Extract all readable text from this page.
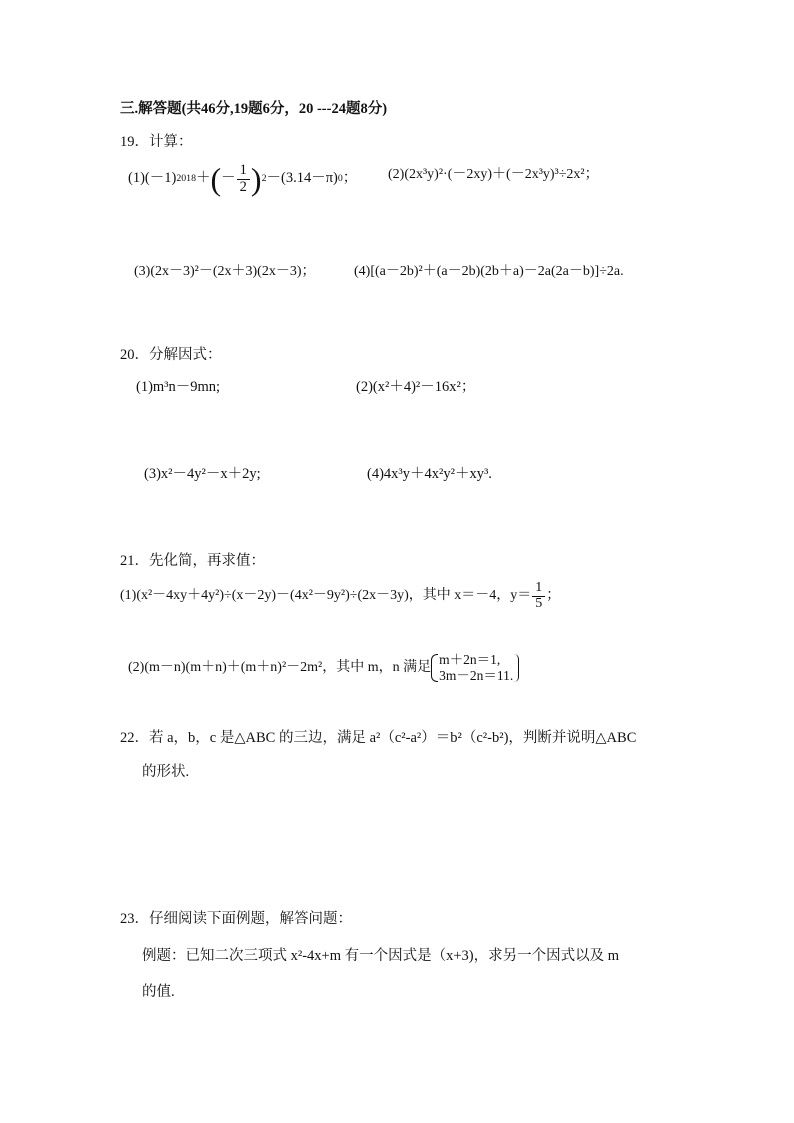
三.解答题(共46分,19题6分，20 ---24题8分)
19．计算：
(1)(－1) 2018 ＋ ( － $\frac{1}{2}$ ) 2 －(3.14－π) 0 ； (2)(2x³y)²·(－2xy)＋(－2x³y)³÷2x²；
(3)(2x－3)²－(2x＋3)(2x－3)；	(4)[(a－2b)²＋(a－2b)(2b＋a)－2a(2a－b)]÷2a.
20．分解因式：
(1)m³n－9mn;	(2)(x²＋4)²－16x²；
(3)x²－4y²－x＋2y;	(4)4x³y＋4x²y²＋xy³.
21．先化简，再求值：
(1)(x²－4xy＋4y²)÷(x－2y)－(4x²－9y²)÷(2x－3y)，其中 x＝－4，$y= \frac{1}{5}$ ；
(2)(m－n)(m＋n)＋(m＋n)²－2m²，其中 m，n 满足 m＋2n＝1,
3m－2n＝11.
22．若 a，b，c 是△ABC 的三边，满足 a²（c²-a²）＝b²（c²-b²)，判断并说明△ABC
的形状.
23．仔细阅读下面例题，解答问题：
例题：已知二次三项式 x²-4x+m 有一个因式是（x+3)，求另一个因式以及 m
的值.
